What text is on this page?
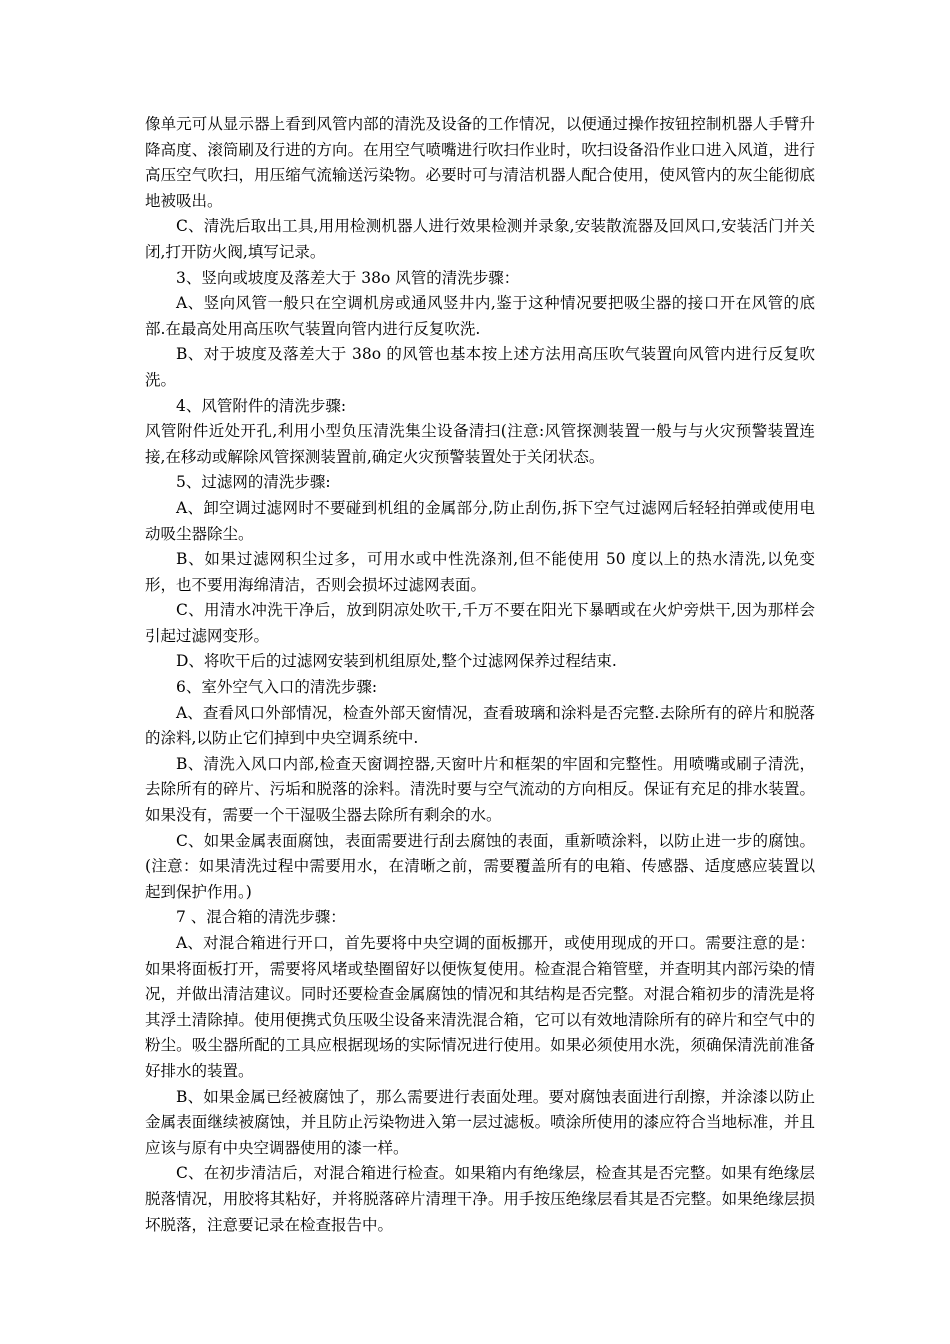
像单元可从显示器上看到风管内部的清洗及设备的工作情况，以便通过操作按钮控制机器人手臂升降高度、滚筒刷及行进的方向。在用空气喷嘴进行吹扫作业时，吹扫设备沿作业口进入风道，进行高压空气吹扫，用压缩气流输送污染物。必要时可与清洁机器人配合使用，使风管内的灰尘能彻底地被吸出。

C、清洗后取出工具,用用检测机器人进行效果检测并录象,安装散流器及回风口,安装活门并关闭,打开防火阀,填写记录。

3、竖向或坡度及落差大于 38o 风管的清洗步骤：

A、竖向风管一般只在空调机房或通风竖井内,鉴于这种情况要把吸尘器的接口开在风管的底部.在最高处用高压吹气装置向管内进行反复吹洗.

B、对于坡度及落差大于 38o 的风管也基本按上述方法用高压吹气装置向风管内进行反复吹洗。

4、风管附件的清洗步骤:

风管附件近处开孔,利用小型负压清洗集尘设备清扫(注意:风管探测装置一般与与火灾预警装置连接,在移动或解除风管探测装置前,确定火灾预警装置处于关闭状态。

5、过滤网的清洗步骤:

A、卸空调过滤网时不要碰到机组的金属部分,防止刮伤,拆下空气过滤网后轻轻拍弹或使用电动吸尘器除尘。

B、如果过滤网积尘过多，可用水或中性洗涤剂,但不能使用 50 度以上的热水清洗,以免变形，也不要用海绵清洁，否则会损坏过滤网表面。

C、用清水冲洗干净后，放到阴凉处吹干,千万不要在阳光下暴晒或在火炉旁烘干,因为那样会引起过滤网变形。

D、将吹干后的过滤网安装到机组原处,整个过滤网保养过程结束.

6、室外空气入口的清洗步骤:

A、查看风口外部情况，检查外部天窗情况，查看玻璃和涂料是否完整.去除所有的碎片和脱落的涂料,以防止它们掉到中央空调系统中.

B、清洗入风口内部,检查天窗调控器,天窗叶片和框架的牢固和完整性。用喷嘴或刷子清洗，去除所有的碎片、污垢和脱落的涂料。清洗时要与空气流动的方向相反。保证有充足的排水装置。如果没有，需要一个干湿吸尘器去除所有剩余的水。

C、如果金属表面腐蚀，表面需要进行刮去腐蚀的表面，重新喷涂料，以防止进一步的腐蚀。(注意：如果清洗过程中需要用水，在清晰之前，需要覆盖所有的电箱、传感器、适度感应装置以起到保护作用。)

7 、混合箱的清洗步骤：

A、对混合箱进行开口，首先要将中央空调的面板挪开，或使用现成的开口。需要注意的是：如果将面板打开，需要将风堵或垫圈留好以便恢复使用。检查混合箱管壁，并查明其内部污染的情况，并做出清洁建议。同时还要检查金属腐蚀的情况和其结构是否完整。对混合箱初步的清洗是将其浮土清除掉。使用便携式负压吸尘设备来清洗混合箱，它可以有效地清除所有的碎片和空气中的粉尘。吸尘器所配的工具应根据现场的实际情况进行使用。如果必须使用水洗，须确保清洗前准备好排水的装置。

B、如果金属已经被腐蚀了，那么需要进行表面处理。要对腐蚀表面进行刮擦，并涂漆以防止金属表面继续被腐蚀，并且防止污染物进入第一层过滤板。喷涂所使用的漆应符合当地标准，并且应该与原有中央空调器使用的漆一样。

C、在初步清洁后，对混合箱进行检查。如果箱内有绝缘层，检查其是否完整。如果有绝缘层脱落情况，用胶将其粘好，并将脱落碎片清理干净。用手按压绝缘层看其是否完整。如果绝缘层损坏脱落，注意要记录在检查报告中。
